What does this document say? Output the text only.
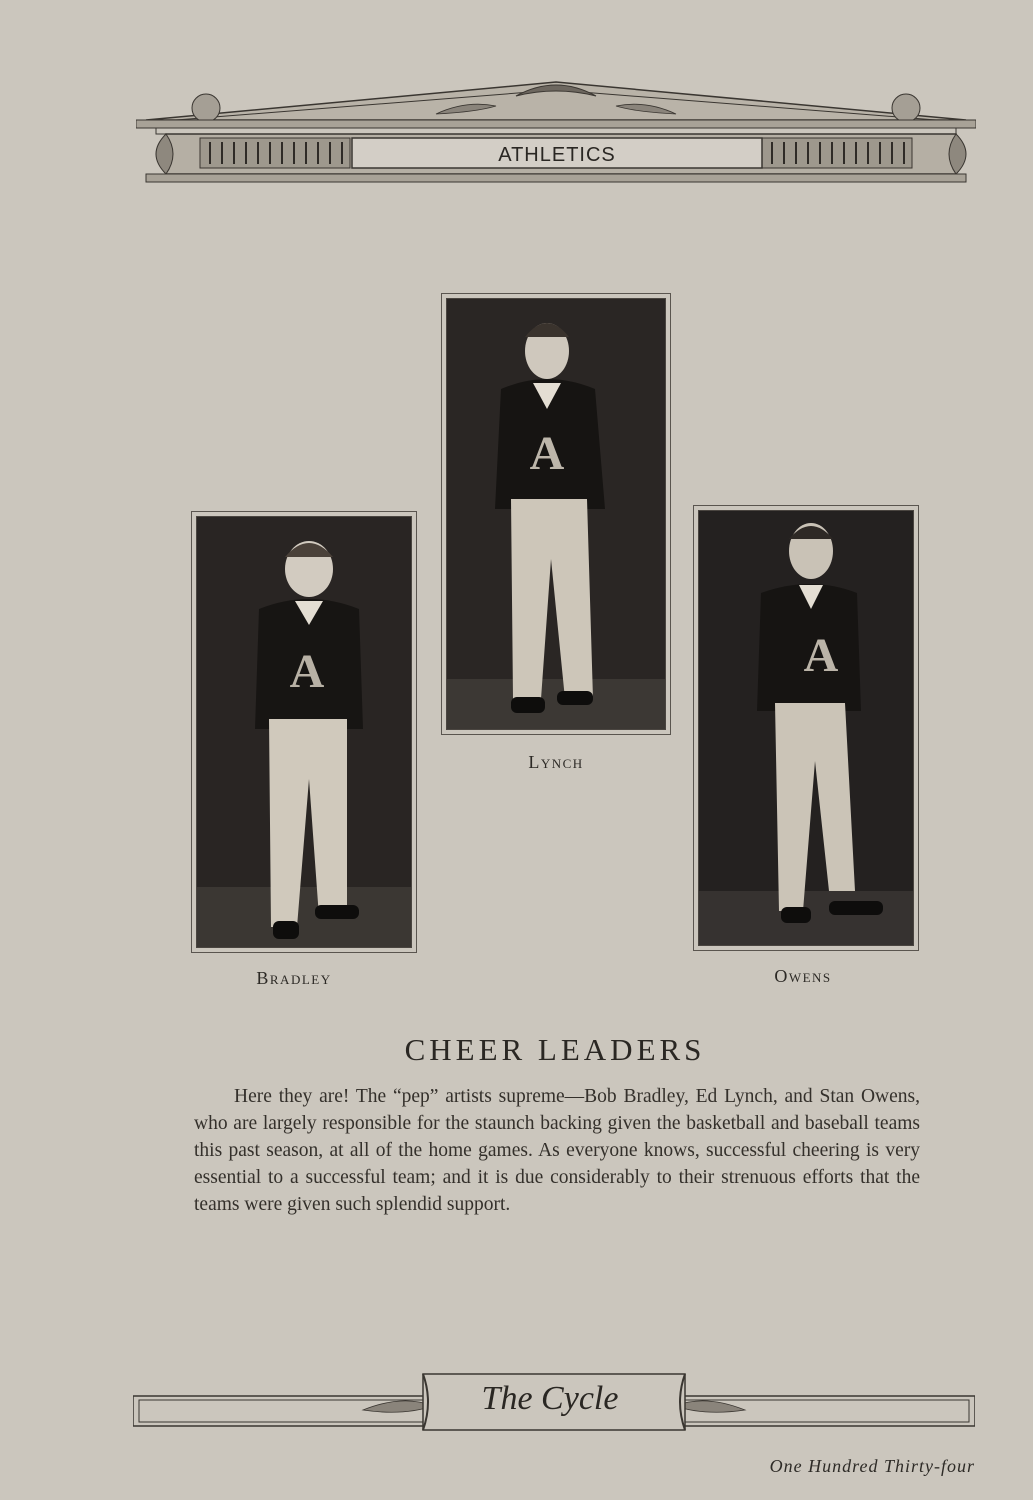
ATHLETICS
A
Lynch
A
Bradley
A
Owens
CHEER LEADERS
Here they are! The “pep” artists supreme—Bob Bradley, Ed Lynch, and Stan Owens, who are largely responsible for the staunch backing given the basketball and baseball teams this past season, at all of the home games. As everyone knows, successful cheering is very essential to a successful team; and it is due considerably to their strenuous efforts that the teams were given such splendid support.
The Cycle
One Hundred Thirty-four
